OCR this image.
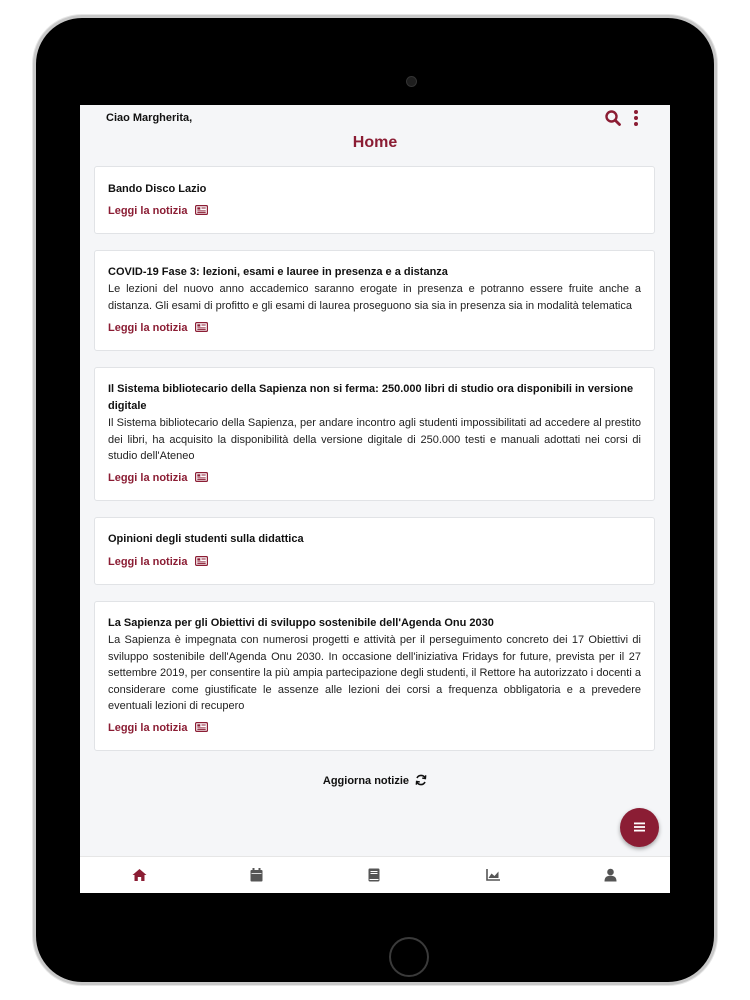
Ciao Margherita,
Home
Bando Disco Lazio
Leggi la notizia
COVID-19 Fase 3: lezioni, esami e lauree in presenza e a distanza
Le lezioni del nuovo anno accademico saranno erogate in presenza e potranno essere fruite anche a distanza. Gli esami di profitto e gli esami di laurea proseguono sia sia in presenza sia in modalità telematica
Leggi la notizia
Il Sistema bibliotecario della Sapienza non si ferma: 250.000 libri di studio ora disponibili in versione digitale
Il Sistema bibliotecario della Sapienza, per andare incontro agli studenti impossibilitati ad accedere al prestito dei libri, ha acquisito la disponibilità della versione digitale di 250.000 testi e manuali adottati nei corsi di studio dell'Ateneo
Leggi la notizia
Opinioni degli studenti sulla didattica
Leggi la notizia
La Sapienza per gli Obiettivi di sviluppo sostenibile dell'Agenda Onu 2030
La Sapienza è impegnata con numerosi progetti e attività per il perseguimento concreto dei 17 Obiettivi di sviluppo sostenibile dell'Agenda Onu 2030. In occasione dell'iniziativa Fridays for future, prevista per il 27 settembre 2019, per consentire la più ampia partecipazione degli studenti, il Rettore ha autorizzato i docenti a considerare come giustificate le assenze alle lezioni dei corsi a frequenza obbligatoria e a prevedere eventuali lezioni di recupero
Leggi la notizia
Aggiorna notizie
